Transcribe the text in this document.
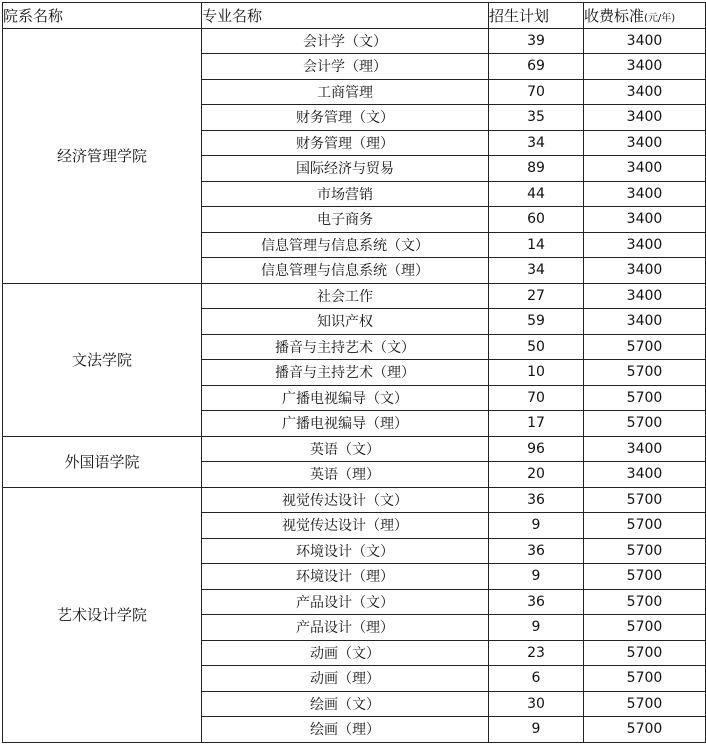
院系名称	专业名称	招生计划	收费标准(元/年)
经济管理学院	会计学（文）	39	3400
	会计学（理）	69	3400
	工商管理	70	3400
	财务管理（文）	35	3400
	财务管理（理）	34	3400
	国际经济与贸易	89	3400
	市场营销	44	3400
	电子商务	60	3400
	信息管理与信息系统（文）	14	3400
	信息管理与信息系统（理）	34	3400
文法学院	社会工作	27	3400
	知识产权	59	3400
	播音与主持艺术（文）	50	5700
	播音与主持艺术（理）	10	5700
	广播电视编导（文）	70	5700
	广播电视编导（理）	17	5700
外国语学院	英语（文）	96	3400
	英语（理）	20	3400
艺术设计学院	视觉传达设计（文）	36	5700
	视觉传达设计（理）	9	5700
	环境设计（文）	36	5700
	环境设计（理）	9	5700
	产品设计（文）	36	5700
	产品设计（理）	9	5700
	动画（文）	23	5700
	动画（理）	6	5700
	绘画（文）	30	5700
	绘画（理）	9	5700
